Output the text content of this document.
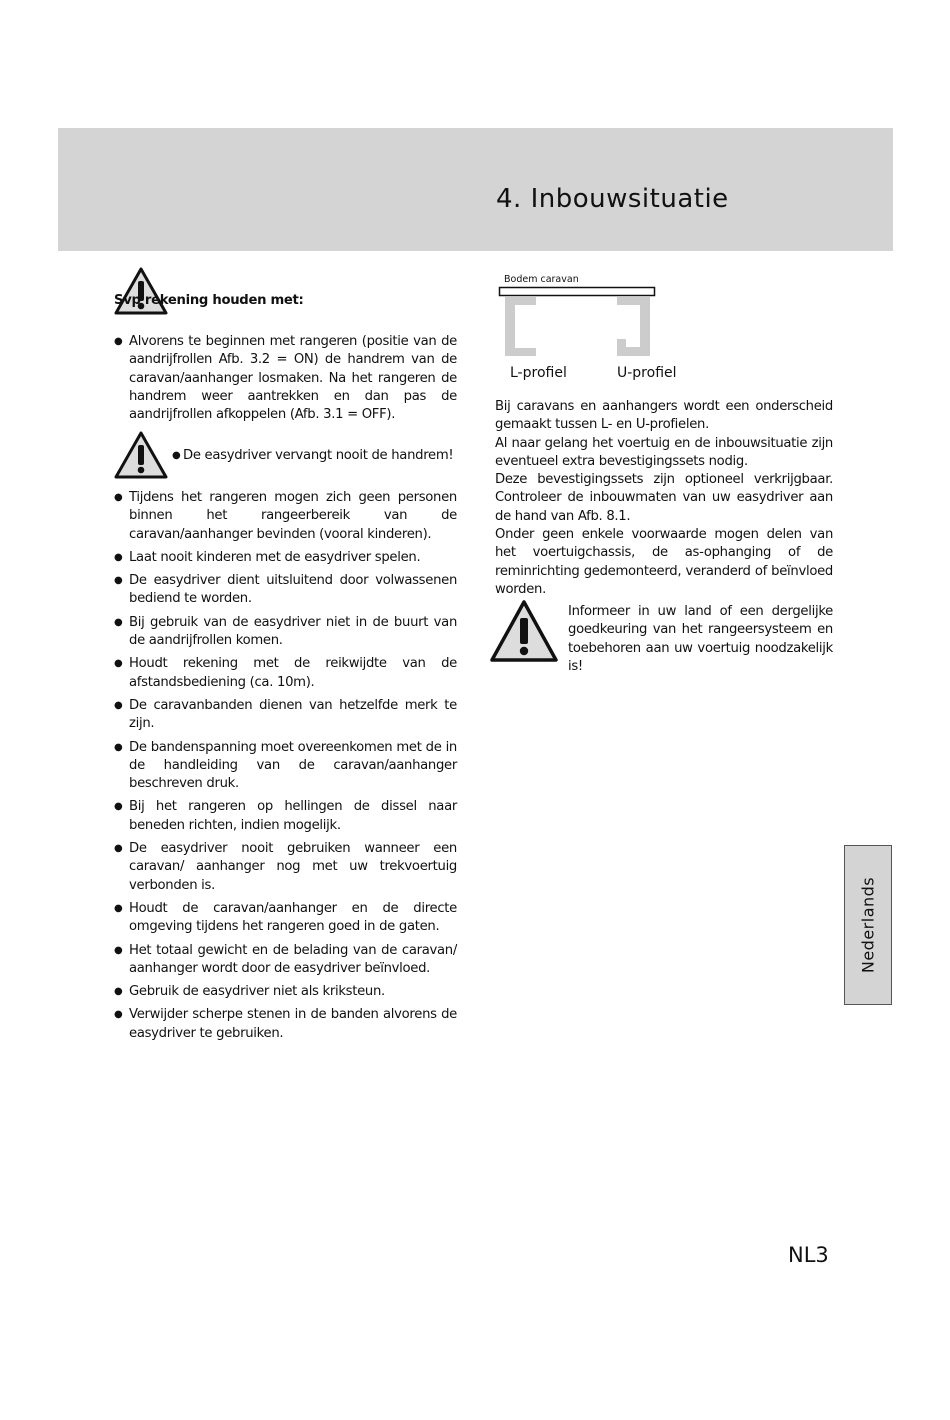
4. Inbouwsituatie
Svp rekening houden met:
● Alvorens te beginnen met rangeren (positie van de aandrijfrollen Afb. 3.2 = ON) de handrem van de caravan/aanhanger losmaken. Na het rangeren de handrem weer aantrekken en dan pas de aandrijfrollen afkoppelen (Afb. 3.1 = OFF).
● De easydriver vervangt nooit de handrem!
● Tijdens het rangeren mogen zich geen personen binnen het rangeerbereik van de caravan/aanhanger bevinden (vooral kinderen).
● Laat nooit kinderen met de easydriver spelen.
● De easydriver dient uitsluitend door volwassenen bediend te worden.
● Bij gebruik van de easydriver niet in de buurt van de aandrijfrollen komen.
● Houdt rekening met de reikwijdte van de afstandsbediening (ca. 10m).
● De caravanbanden dienen van hetzelfde merk te zijn.
● De bandenspanning moet overeenkomen met de in de handleiding van de caravan/aanhanger beschreven druk.
● Bij het rangeren op hellingen de dissel naar beneden richten, indien mogelijk.
● De easydriver nooit gebruiken wanneer een caravan/ aanhanger nog met uw trekvoertuig verbonden is.
● Houdt de caravan/aanhanger en de directe omgeving tijdens het rangeren goed in de gaten.
● Het totaal gewicht en de belading van de caravan/ aanhanger wordt door de easydriver beïnvloed.
● Gebruik de easydriver niet als kriksteun.
● Verwijder scherpe stenen in de banden alvorens de easydriver te gebruiken.
Bodem caravan
L-profiel	U-profiel
Bij caravans en aanhangers wordt een onderscheid gemaakt tussen L- en U-profielen.
Al naar gelang het voertuig en de inbouwsituatie zijn eventueel extra bevestigingssets nodig.
Deze bevestigingssets zijn optioneel verkrijgbaar. Controleer de inbouwmaten van uw easydriver aan de hand van Afb. 8.1.
Onder geen enkele voorwaarde mogen delen van het voertuigchassis, de as-ophanging of de reminrichting gedemonteerd, veranderd of beïnvloed worden.
Informeer in uw land of een dergelijke goedkeuring van het rangeersysteem en toebehoren aan uw voertuig noodzakelijk is!
Nederlands
NL3
